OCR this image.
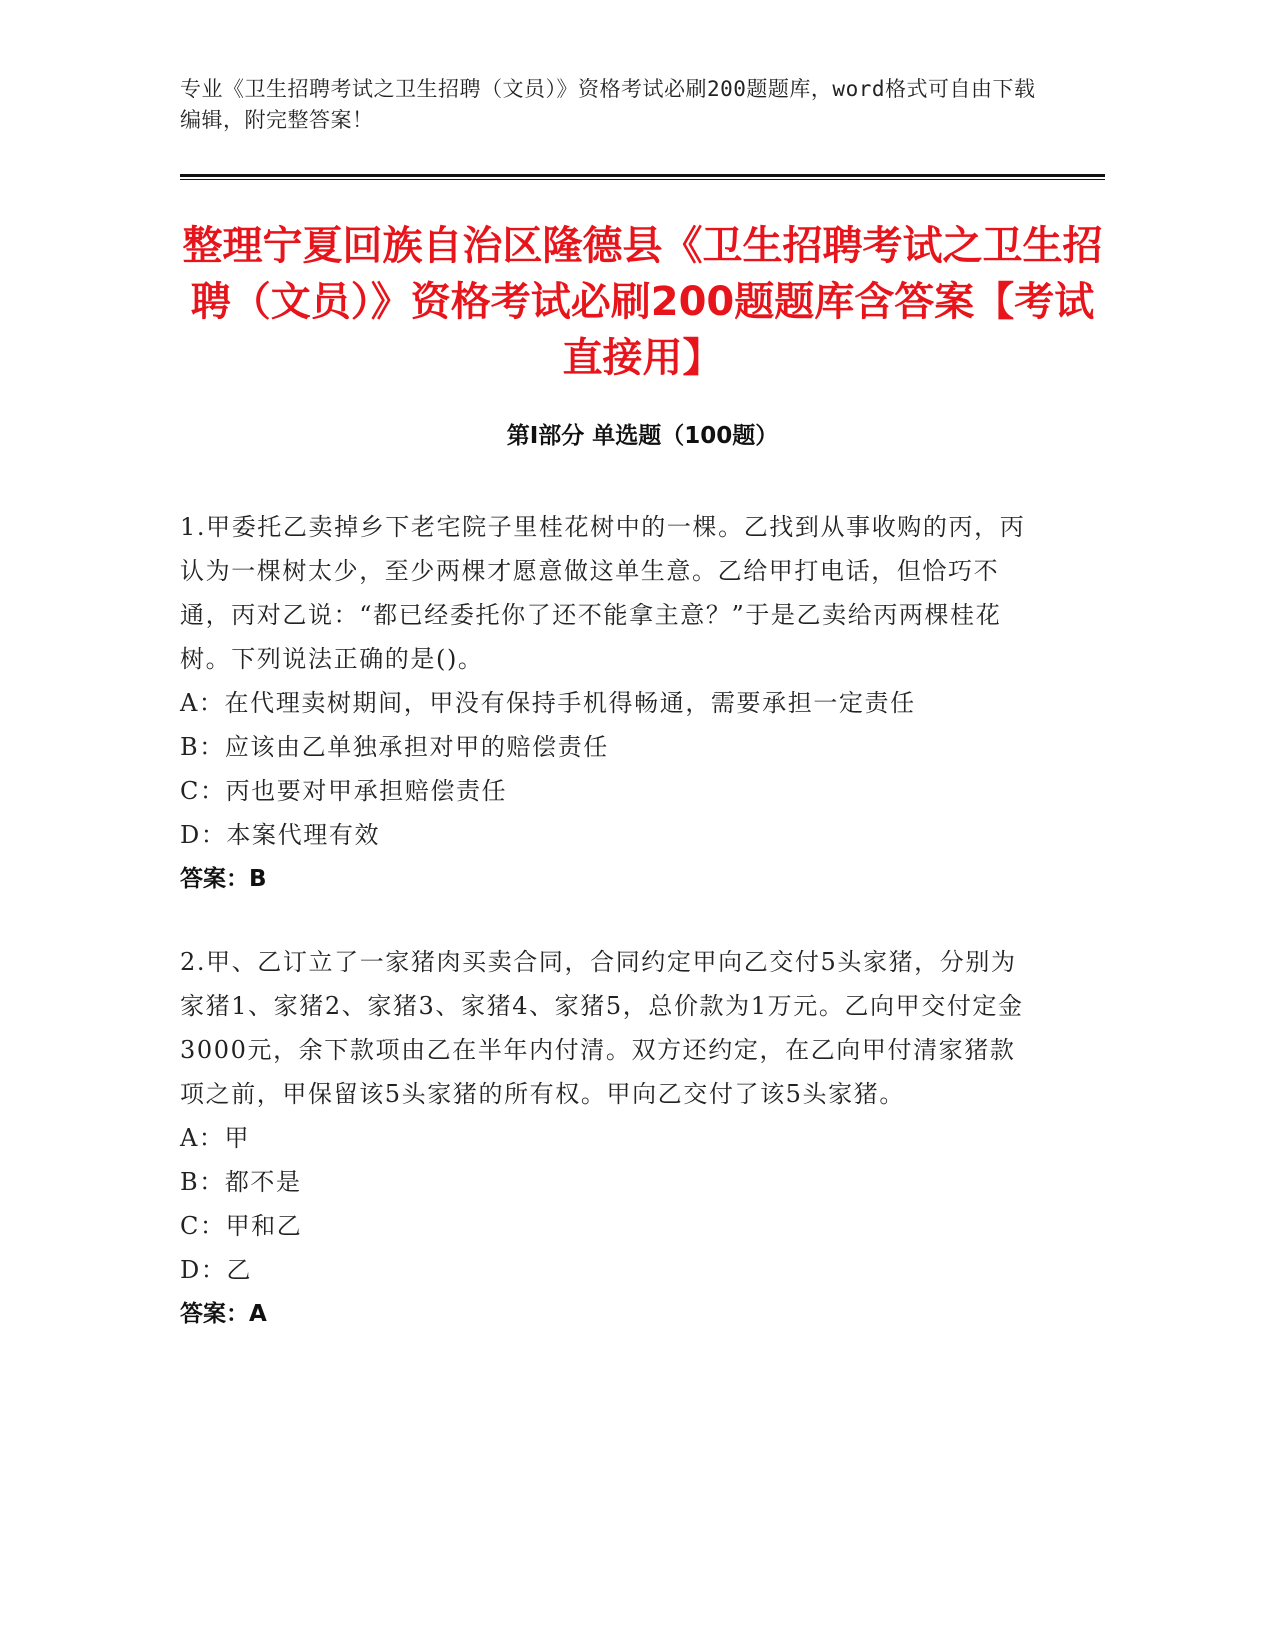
专业《卫生招聘考试之卫生招聘（文员）》资格考试必刷200题题库，word格式可自由下载编辑，附完整答案！
整理宁夏回族自治区隆德县《卫生招聘考试之卫生招聘（文员）》资格考试必刷200题题库含答案【考试直接用】
第Ⅰ部分 单选题（100题）

1.甲委托乙卖掉乡下老宅院子里桂花树中的一棵。乙找到从事收购的丙，丙认为一棵树太少，至少两棵才愿意做这单生意。乙给甲打电话，但恰巧不通，丙对乙说：“都已经委托你了还不能拿主意？”于是乙卖给丙两棵桂花树。下列说法正确的是()。

A：在代理卖树期间，甲没有保持手机得畅通，需要承担一定责任

B：应该由乙单独承担对甲的赔偿责任

C：丙也要对甲承担赔偿责任

D：本案代理有效

答案：B

2.甲、乙订立了一家猪肉买卖合同，合同约定甲向乙交付5头家猪，分别为家猪1、家猪2、家猪3、家猪4、家猪5，总价款为1万元。乙向甲交付定金3000元，余下款项由乙在半年内付清。双方还约定，在乙向甲付清家猪款项之前，甲保留该5头家猪的所有权。甲向乙交付了该5头家猪。

A：甲

B：都不是

C：甲和乙

D：乙

答案：A
